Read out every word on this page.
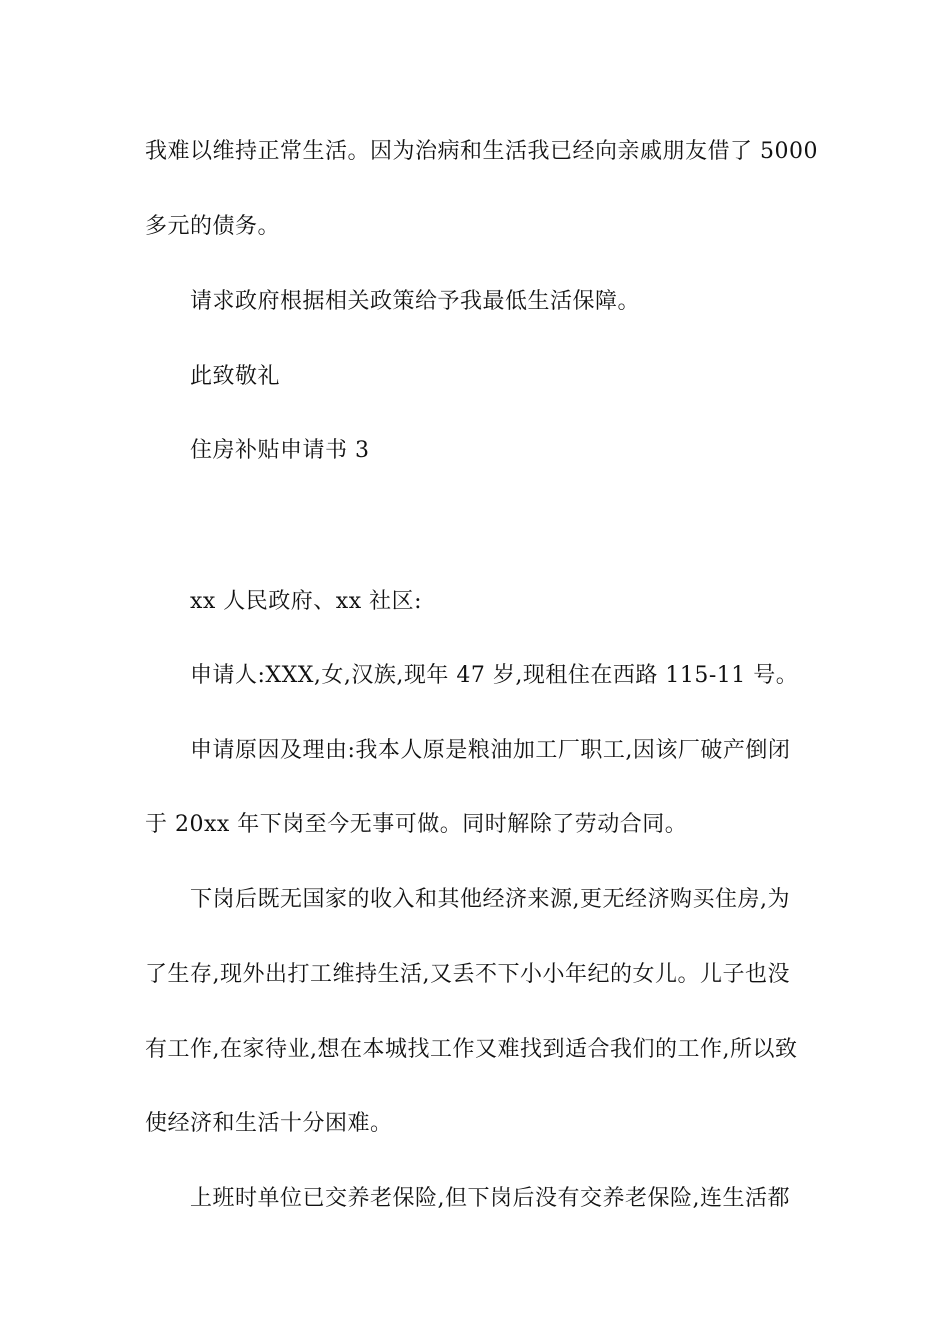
我难以维持正常生活。因为治病和生活我已经向亲戚朋友借了 5000
多元的债务。
请求政府根据相关政策给予我最低生活保障。
此致敬礼
住房补贴申请书 3
xx 人民政府、xx 社区:
申请人:XXX,女,汉族,现年 47 岁,现租住在西路 115-11 号。
申请原因及理由:我本人原是粮油加工厂职工,因该厂破产倒闭
于 20xx 年下岗至今无事可做。同时解除了劳动合同。
下岗后既无国家的收入和其他经济来源,更无经济购买住房,为
了生存,现外出打工维持生活,又丢不下小小年纪的女儿。儿子也没
有工作,在家待业,想在本城找工作又难找到适合我们的工作,所以致
使经济和生活十分困难。
上班时单位已交养老保险,但下岗后没有交养老保险,连生活都
